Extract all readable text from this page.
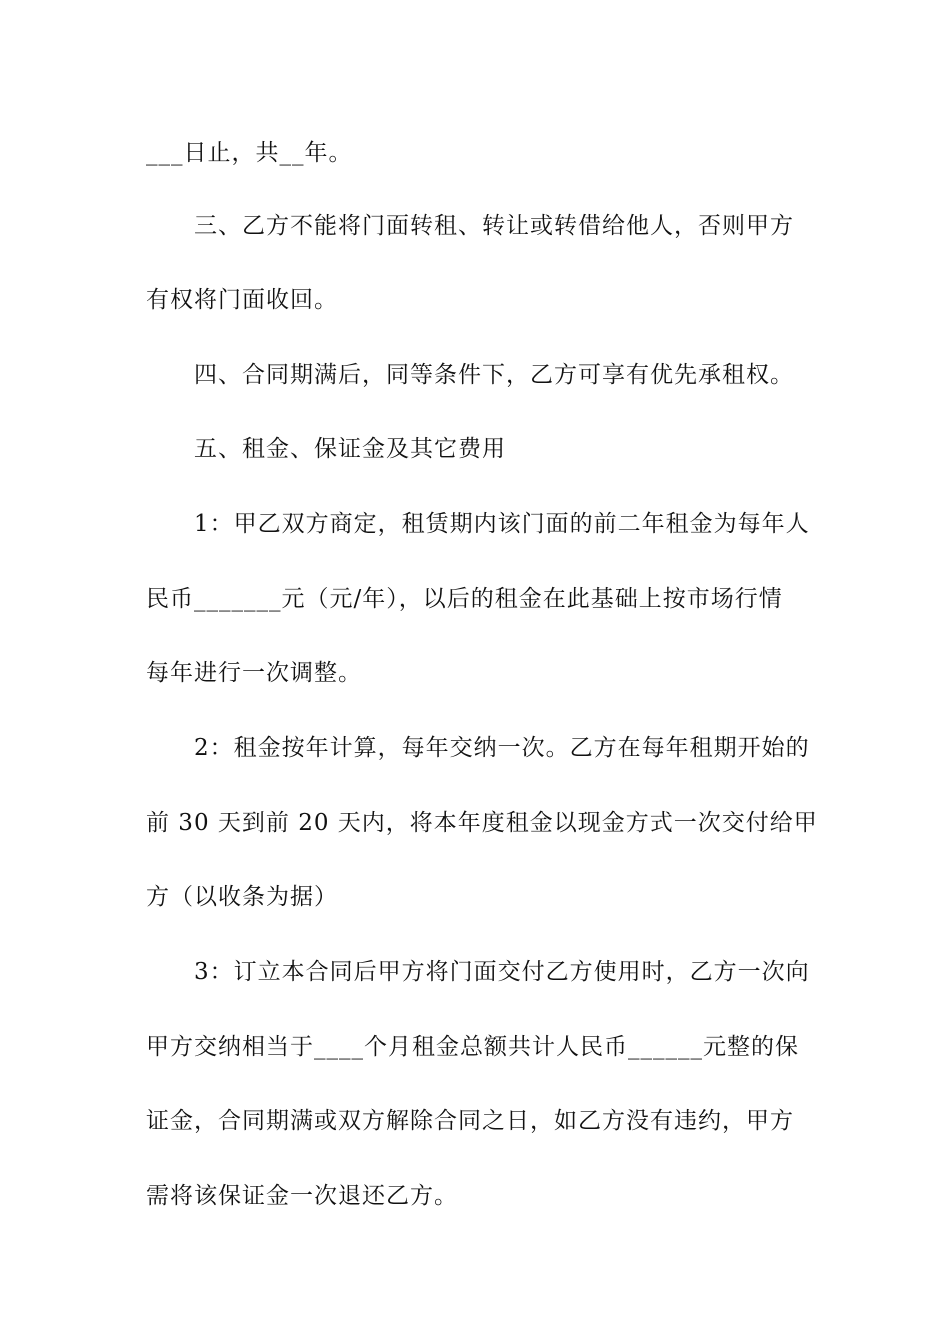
___日止，共__年。
三、乙方不能将门面转租、转让或转借给他人，否则甲方
有权将门面收回。
四、合同期满后，同等条件下，乙方可享有优先承租权。
五、租金、保证金及其它费用
1：甲乙双方商定，租赁期内该门面的前二年租金为每年人
民币_______元（元/年），以后的租金在此基础上按市场行情
每年进行一次调整。
2：租金按年计算，每年交纳一次。乙方在每年租期开始的
前 30 天到前 20 天内，将本年度租金以现金方式一次交付给甲
方（以收条为据）
3：订立本合同后甲方将门面交付乙方使用时，乙方一次向
甲方交纳相当于____个月租金总额共计人民币______元整的保
证金，合同期满或双方解除合同之日，如乙方没有违约，甲方
需将该保证金一次退还乙方。
